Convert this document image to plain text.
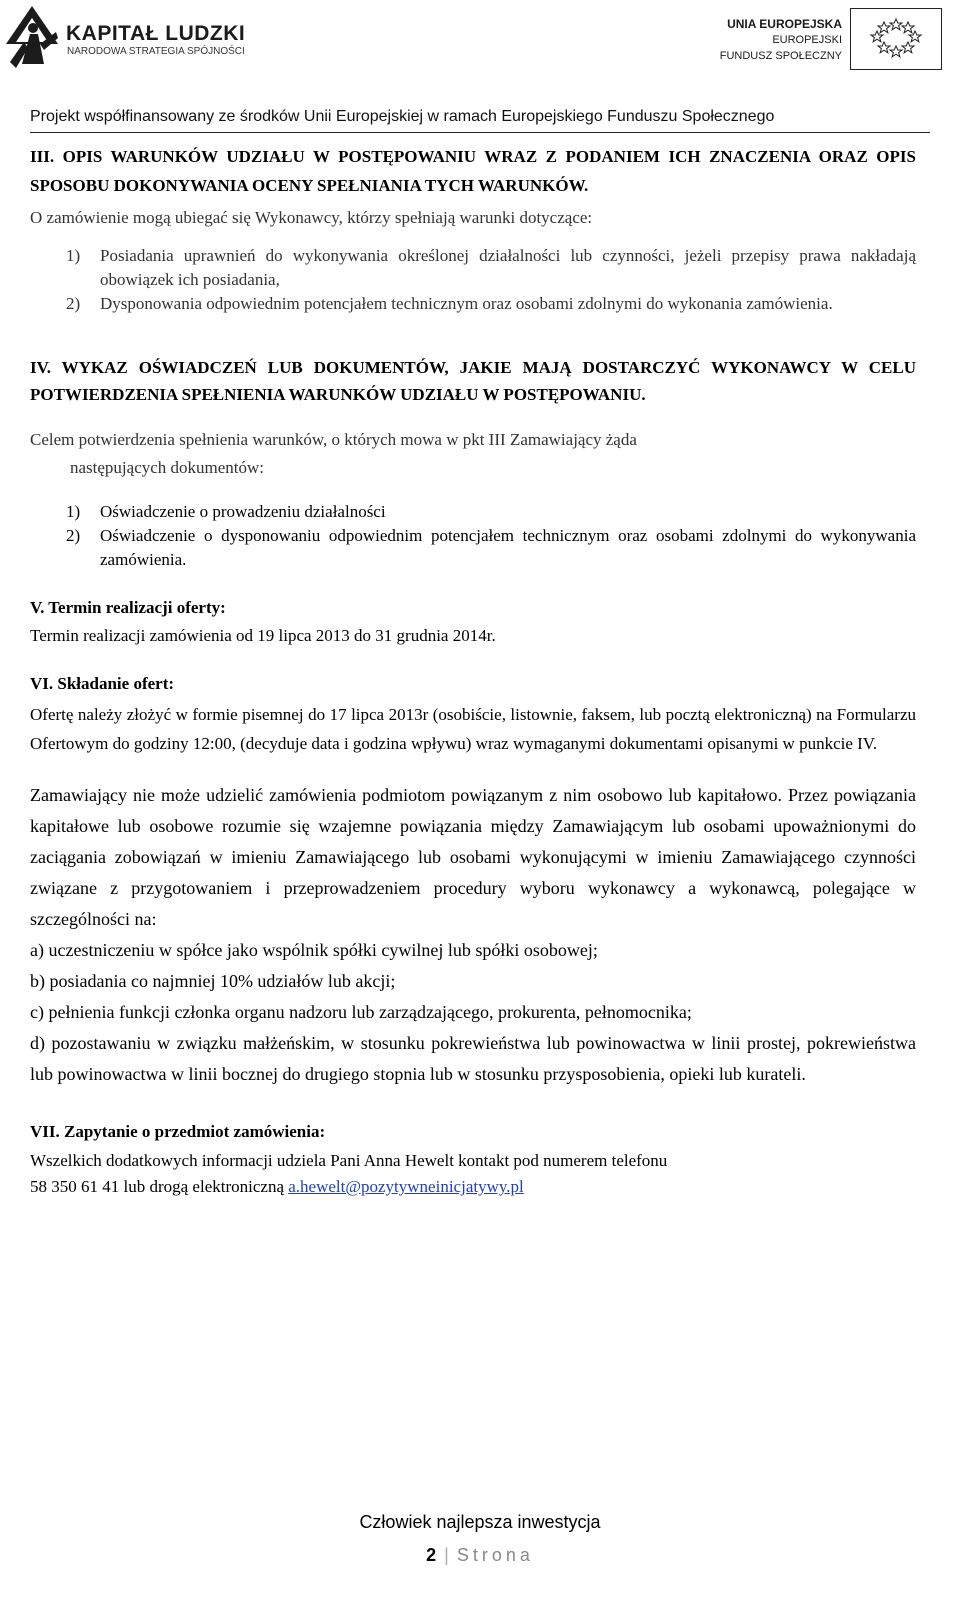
KAPITAŁ LUDZKI
NARODOWA STRATEGIA SPÓJNOŚCI
UNIA EUROPEJSKA
EUROPEJSKI
FUNDUSZ SPOŁECZNY
Projekt współfinansowany ze środków Unii Europejskiej w ramach Europejskiego Funduszu Społecznego
III. OPIS WARUNKÓW UDZIAŁU W POSTĘPOWANIU WRAZ Z PODANIEM ICH ZNACZENIA ORAZ OPIS SPOSOBU DOKONYWANIA OCENY SPEŁNIANIA TYCH WARUNKÓW.

O zamówienie mogą ubiegać się Wykonawcy, którzy spełniają warunki dotyczące:

1) Posiadania uprawnień do wykonywania określonej działalności lub czynności, jeżeli przepisy prawa nakładają obowiązek ich posiadania,
2) Dysponowania odpowiednim potencjałem technicznym oraz osobami zdolnymi do wykonania zamówienia.
IV. WYKAZ OŚWIADCZEŃ LUB DOKUMENTÓW, JAKIE MAJĄ DOSTARCZYĆ WYKONAWCY W CELU POTWIERDZENIA SPEŁNIENIA WARUNKÓW UDZIAŁU W POSTĘPOWANIU.

Celem potwierdzenia spełnienia warunków, o których mowa w pkt III Zamawiający żąda
następujących dokumentów:

1) Oświadczenie o prowadzeniu działalności
2) Oświadczenie o dysponowaniu odpowiednim potencjałem technicznym oraz osobami zdolnymi do wykonywania zamówienia.
V. Termin realizacji oferty:

Termin realizacji zamówienia od 19 lipca 2013 do 31 grudnia 2014r.

VI. Składanie ofert:

Ofertę należy złożyć w formie pisemnej do 17 lipca 2013r (osobiście, listownie, faksem, lub pocztą elektroniczną) na Formularzu Ofertowym do godziny 12:00, (decyduje data i godzina wpływu) wraz wymaganymi dokumentami opisanymi w punkcie IV.

Zamawiający nie może udzielić zamówienia podmiotom powiązanym z nim osobowo lub kapitałowo. Przez powiązania kapitałowe lub osobowe rozumie się wzajemne powiązania między Zamawiającym lub osobami upoważnionymi do zaciągania zobowiązań w imieniu Zamawiającego lub osobami wykonującymi w imieniu Zamawiającego czynności związane z przygotowaniem i przeprowadzeniem procedury wyboru wykonawcy a wykonawcą, polegające w szczególności na:

a) uczestniczeniu w spółce jako wspólnik spółki cywilnej lub spółki osobowej;
b) posiadania co najmniej 10% udziałów lub akcji;
c) pełnienia funkcji członka organu nadzoru lub zarządzającego, prokurenta, pełnomocnika;
d) pozostawaniu w związku małżeńskim, w stosunku pokrewieństwa lub powinowactwa w linii prostej, pokrewieństwa lub powinowactwa w linii bocznej do drugiego stopnia lub w stosunku przysposobienia, opieki lub kurateli.
VII. Zapytanie o przedmiot zamówienia:

Wszelkich dodatkowych informacji udziela Pani Anna Hewelt kontakt pod numerem telefonu
58 350 61 41 lub drogą elektroniczną a.hewelt@pozytywneinicjatywy.pl

Człowiek najlepsza inwestycja
2 | Strona
